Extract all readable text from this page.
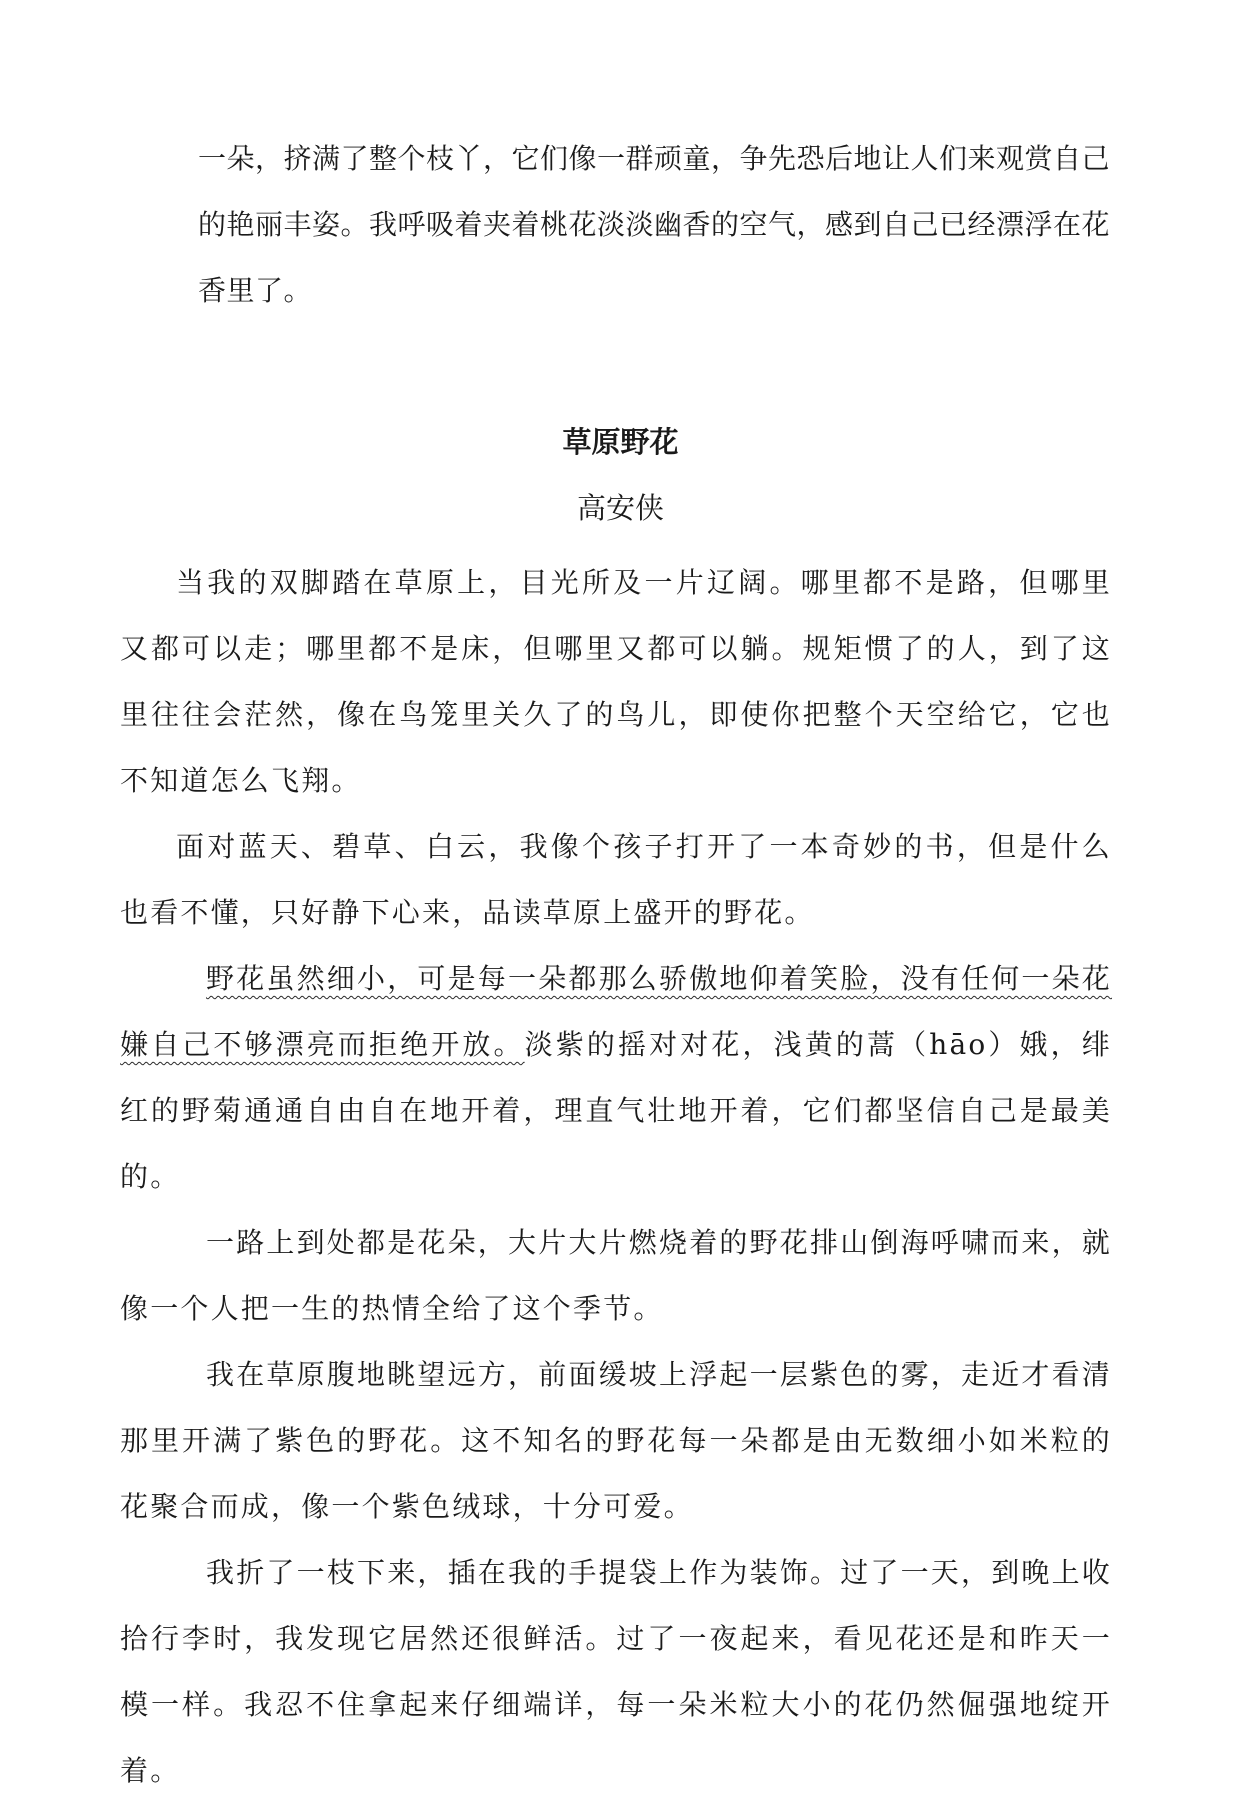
一朵，挤满了整个枝丫，它们像一群顽童，争先恐后地让人们来观赏自己的艳丽丰姿。我呼吸着夹着桃花淡淡幽香的空气，感到自己已经漂浮在花香里了。

草原野花
高安侠

当我的双脚踏在草原上，目光所及一片辽阔。哪里都不是路，但哪里又都可以走；哪里都不是床，但哪里又都可以躺。规矩惯了的人，到了这里往往会茫然，像在鸟笼里关久了的鸟儿，即使你把整个天空给它，它也不知道怎么飞翔。

面对蓝天、碧草、白云，我像个孩子打开了一本奇妙的书，但是什么也看不懂，只好静下心来，品读草原上盛开的野花。

野花虽然细小，可是每一朵都那么骄傲地仰着笑脸，没有任何一朵花嫌自己不够漂亮而拒绝开放。淡紫的摇对对花，浅黄的蒿（hāo）娥，绯红的野菊通通自由自在地开着，理直气壮地开着，它们都坚信自己是最美的。

一路上到处都是花朵，大片大片燃烧着的野花排山倒海呼啸而来，就像一个人把一生的热情全给了这个季节。

我在草原腹地眺望远方，前面缓坡上浮起一层紫色的雾，走近才看清那里开满了紫色的野花。这不知名的野花每一朵都是由无数细小如米粒的花聚合而成，像一个紫色绒球，十分可爱。

我折了一枝下来，插在我的手提袋上作为装饰。过了一天，到晚上收拾行李时，我发现它居然还很鲜活。过了一夜起来，看见花还是和昨天一模一样。我忍不住拿起来仔细端详，每一朵米粒大小的花仍然倔强地绽开着。
